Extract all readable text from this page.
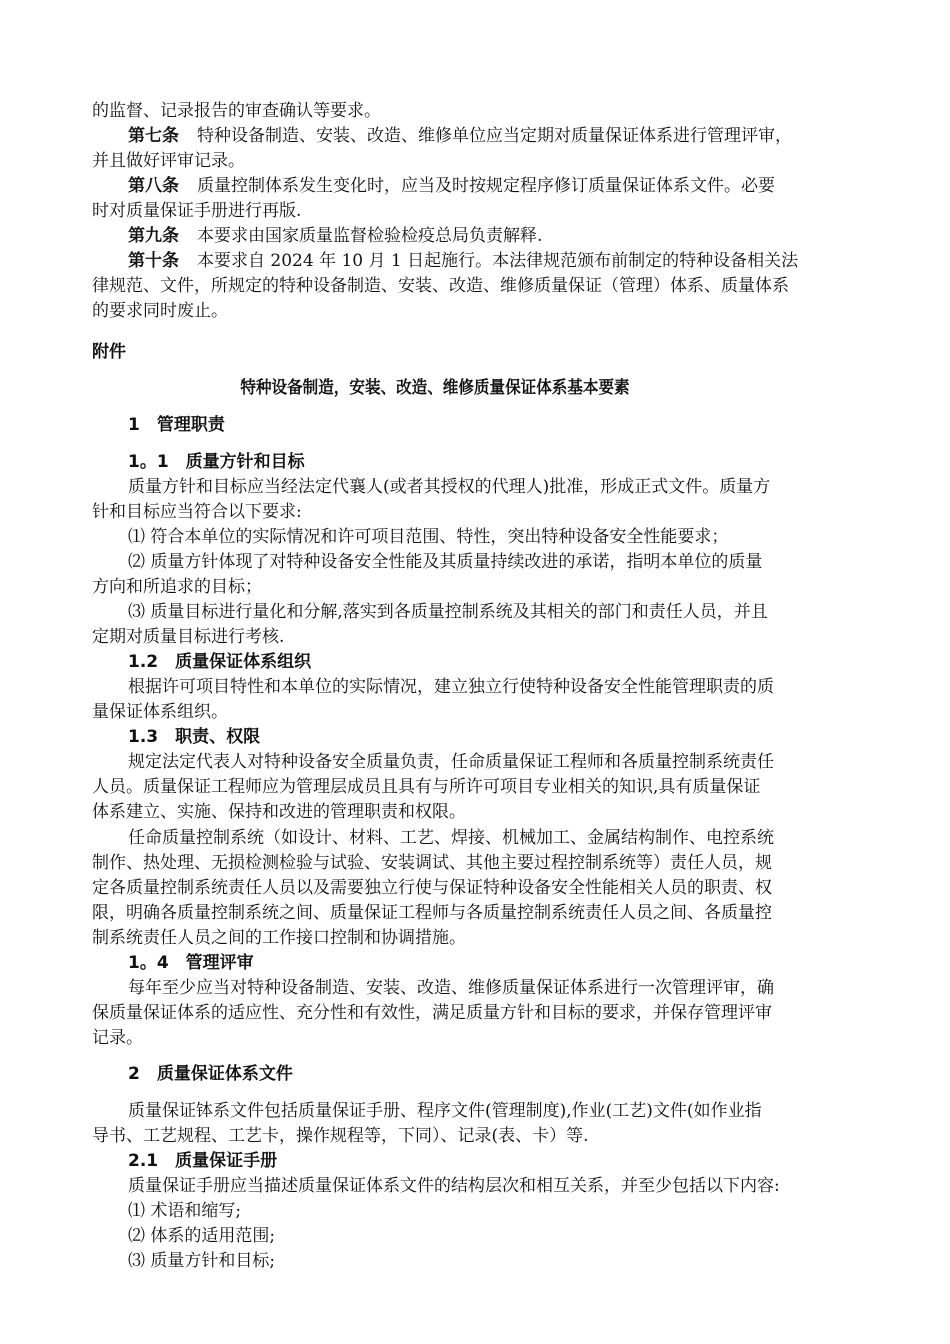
的监督、记录报告的审查确认等要求。
第七条 特种设备制造、安装、改造、维修单位应当定期对质量保证体系进行管理评审，
并且做好评审记录。
第八条 质量控制体系发生变化时，应当及时按规定程序修订质量保证体系文件。必要
时对质量保证手册进行再版.
第九条 本要求由国家质量监督检验检疫总局负责解释.
第十条 本要求自 2024 年 10 月 1 日起施行。本法律规范颁布前制定的特种设备相关法
律规范、文件，所规定的特种设备制造、安装、改造、维修质量保证（管理）体系、质量体系
的要求同时废止。
附件
特种设备制造，安装、改造、维修质量保证体系基本要素
1　管理职责
1。1　质量方针和目标
质量方针和目标应当经法定代襄人(或者其授权的代理人)批准，形成正式文件。质量方
针和目标应当符合以下要求:
⑴ 符合本单位的实际情况和许可项目范围、特性，突出特种设备安全性能要求；
⑵ 质量方针体现了对特种设备安全性能及其质量持续改进的承诺，指明本单位的质量
方向和所追求的目标；
⑶ 质量目标进行量化和分解,落实到各质量控制系统及其相关的部门和责任人员，并且
定期对质量目标进行考核.
1.2　质量保证体系组织
根据许可项目特性和本单位的实际情况，建立独立行使特种设备安全性能管理职责的质
量保证体系组织。
1.3　职责、权限
规定法定代表人对特种设备安全质量负责，任命质量保证工程师和各质量控制系统责任
人员。质量保证工程师应为管理层成员且具有与所许可项目专业相关的知识,具有质量保证
体系建立、实施、保持和改进的管理职责和权限。
任命质量控制系统（如设计、材料、工艺、焊接、机械加工、金属结构制作、电控系统
制作、热处理、无损检测检验与试验、安装调试、其他主要过程控制系统等）责任人员，规
定各质量控制系统责任人员以及需要独立行使与保证特种设备安全性能相关人员的职责、权
限，明确各质量控制系统之间、质量保证工程师与各质量控制系统责任人员之间、各质量控
制系统责任人员之间的工作接口控制和协调措施。
1。4　管理评审
每年至少应当对特种设备制造、安装、改造、维修质量保证体系进行一次管理评审，确
保质量保证体系的适应性、充分性和有效性，满足质量方针和目标的要求，并保存管理评审
记录。
2　质量保证体系文件
质量保证钵系文件包括质量保证手册、程序文件(管理制度),作业(工艺)文件(如作业指
导书、工艺规程、工艺卡，操作规程等，下同）、记录(表、卡）等.
2.1　质量保证手册
质量保证手册应当描述质量保证体系文件的结构层次和相互关系，并至少包括以下内容:
⑴ 术语和缩写;
⑵ 体系的适用范围;
⑶ 质量方针和目标;
